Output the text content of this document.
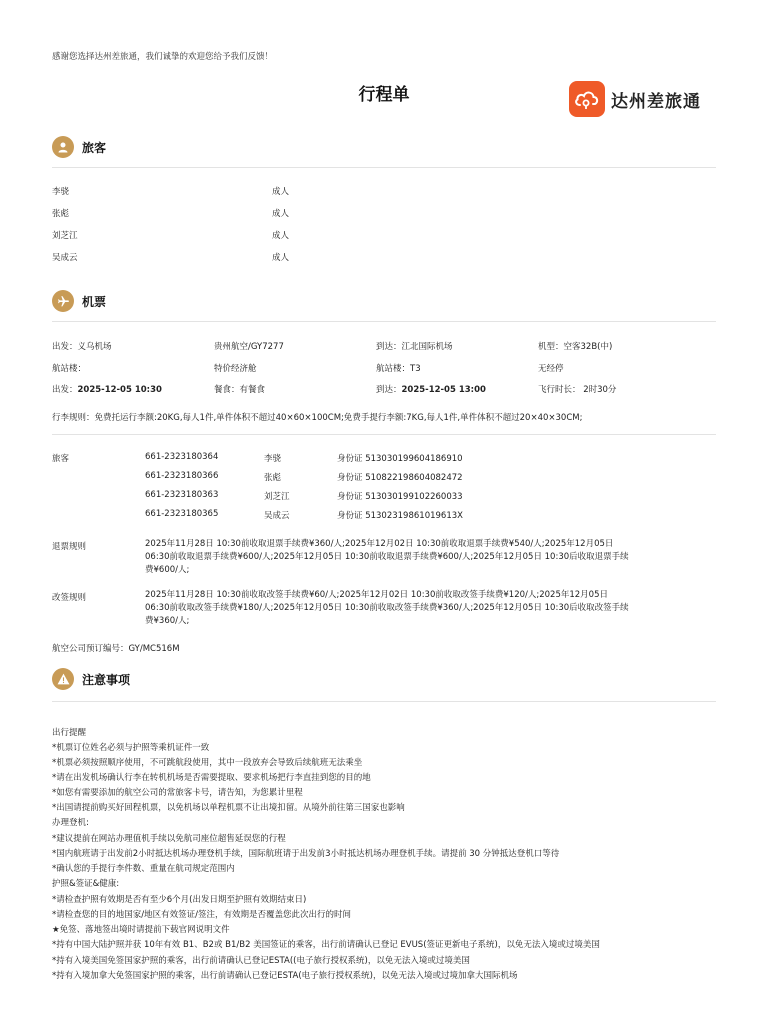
感谢您选择达州差旅通，我们诚挚的欢迎您给予我们反馈！
行程单	达州差旅通
旅客
李骁	成人
张彪	成人
刘芝江	成人
吴成云	成人
机票
出发：义乌机场	贵州航空/GY7277	到达：江北国际机场	机型：空客32B(中)
航站楼：	特价经济舱	航站楼：T3	无经停
出发：2025-12-05 10:30	餐食：有餐食	到达：2025-12-05 13:00	飞行时长： 2时30分
行李规则：免费托运行李额:20KG,每人1件,单件体积不超过40×60×100CM;免费手提行李额:7KG,每人1件,单件体积不超过20×40×30CM;
旅客	661-2323180364	李骁	身份证 513030199604186910
661-2323180366	张彪	身份证 510822198604082472
661-2323180363	刘芝江	身份证 513030199102260033
661-2323180365	吴成云	身份证 51302319861019613X
退票规则	2025年11月28日 10:30前收取退票手续费¥360/人;2025年12月02日 10:30前收取退票手续费¥540/人;2025年12月05日
06:30前收取退票手续费¥600/人;2025年12月05日 10:30前收取退票手续费¥600/人;2025年12月05日 10:30后收取退票手续
费¥600/人;
改签规则	2025年11月28日 10:30前收取改签手续费¥60/人;2025年12月02日 10:30前收取改签手续费¥120/人;2025年12月05日
06:30前收取改签手续费¥180/人;2025年12月05日 10:30前收取改签手续费¥360/人;2025年12月05日 10:30后收取改签手续
费¥360/人;
航空公司预订编号：GY/MC516M
注意事项
出行提醒
*机票订位姓名必须与护照等乘机证件一致
*机票必须按照顺序使用，不可跳航段使用，其中一段放弃会导致后续航班无法乘坐
*请在出发机场确认行李在转机机场是否需要提取、要求机场把行李直挂到您的目的地
*如您有需要添加的航空公司的常旅客卡号，请告知，为您累计里程
*出国请提前购买好回程机票，以免机场以单程机票不让出境扣留。从境外前往第三国家也影响
办理登机:
*建议提前在网站办理值机手续以免航司座位超售延误您的行程
*国内航班请于出发前2小时抵达机场办理登机手续，国际航班请于出发前3小时抵达机场办理登机手续。请提前 30 分钟抵达登机口等待
*确认您的手提行李件数、重量在航司规定范围内
护照&签证&健康:
*请检查护照有效期是否有至少6个月(出发日期至护照有效期结束日)
*请检查您的目的地国家/地区有效签证/签注，有效期是否覆盖您此次出行的时间
★免签、落地签出境时请提前下载官网说明文件
*持有中国大陆护照并获 10年有效 B1、B2或 B1/B2 美国签证的乘客，出行前请确认已登记 EVUS(签证更新电子系统)，以免无法入境或过境美国
*持有入境美国免签国家护照的乘客，出行前请确认已登记ESTA((电子旅行授权系统)，以免无法入境或过境美国
*持有入境加拿大免签国家护照的乘客，出行前请确认已登记ESTA(电子旅行授权系统)，以免无法入境或过境加拿大国际机场
